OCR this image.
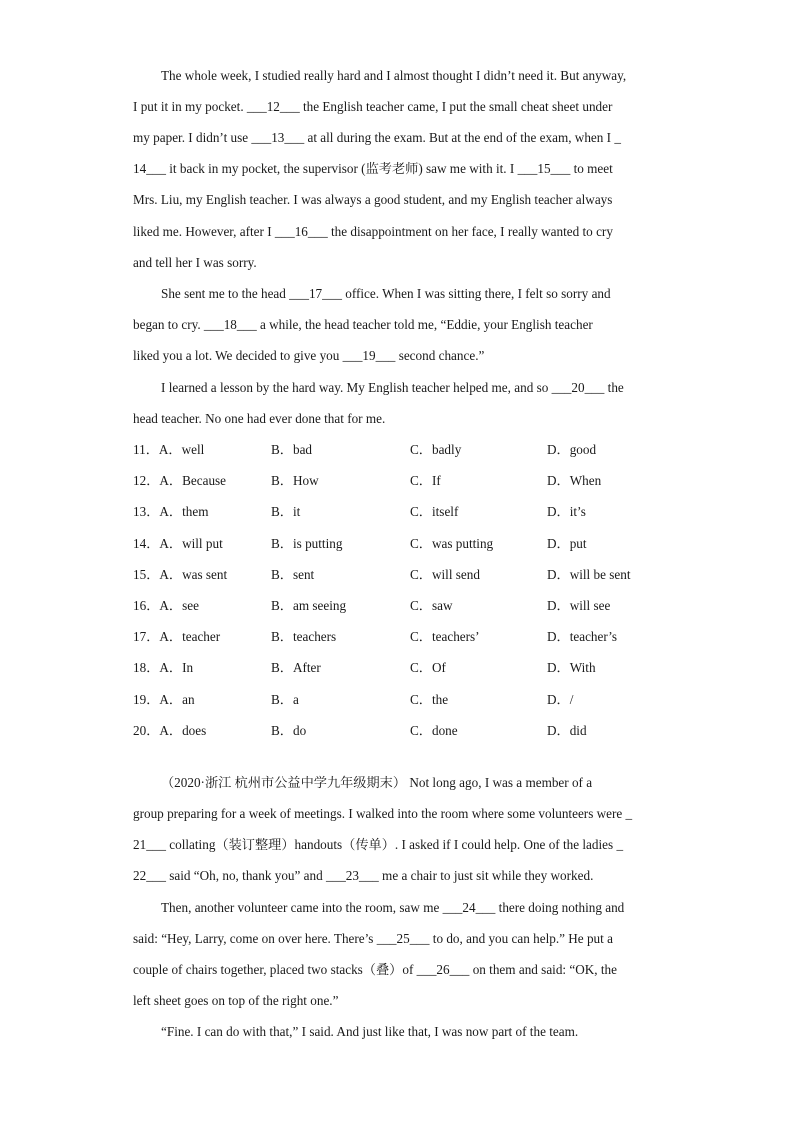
The whole week, I studied really hard and I almost thought I didn’t need it. But anyway,
I put it in my pocket. ___12___ the English teacher came, I put the small cheat sheet under
my paper. I didn’t use ___13___ at all during the exam. But at the end of the exam, when I _
14___ it back in my pocket, the supervisor (监考老师) saw me with it. I ___15___ to meet
Mrs. Liu, my English teacher. I was always a good student, and my English teacher always
liked me. However, after I ___16___ the disappointment on her face, I really wanted to cry
and tell her I was sorry.
She sent me to the head ___17___ office. When I was sitting there, I felt so sorry and
began to cry. ___18___ a while, the head teacher told me, “Eddie, your English teacher
liked you a lot. We decided to give you ___19___ second chance.”
I learned a lesson by the hard way. My English teacher helped me, and so ___20___ the
head teacher. No one had ever done that for me.
11．A．well	B．bad	C．badly	D．good
12．A．Because	B．How	C．If	D．When
13．A．them	B．it	C．itself	D．it’s
14．A．will put	B．is putting	C．was putting	D．put
15．A．was sent	B．sent	C．will send	D．will be sent
16．A．see	B．am seeing	C．saw	D．will see
17．A．teacher	B．teachers	C．teachers’	D．teacher’s
18．A．In	B．After	C．Of	D．With
19．A．an	B．a	C．the	D．/
20．A．does	B．do	C．done	D．did
（2020·浙江 杭州市公益中学九年级期末） Not long ago, I was a member of a
group preparing for a week of meetings. I walked into the room where some volunteers were _
21___ collating（装订整理）handouts（传单）. I asked if I could help. One of the ladies _
22___ said “Oh, no, thank you” and ___23___ me a chair to just sit while they worked.
Then, another volunteer came into the room, saw me ___24___ there doing nothing and
said: “Hey, Larry, come on over here. There’s ___25___ to do, and you can help.” He put a
couple of chairs together, placed two stacks（叠）of ___26___ on them and said: “OK, the
left sheet goes on top of the right one.”
“Fine. I can do with that,” I said. And just like that, I was now part of the team.
